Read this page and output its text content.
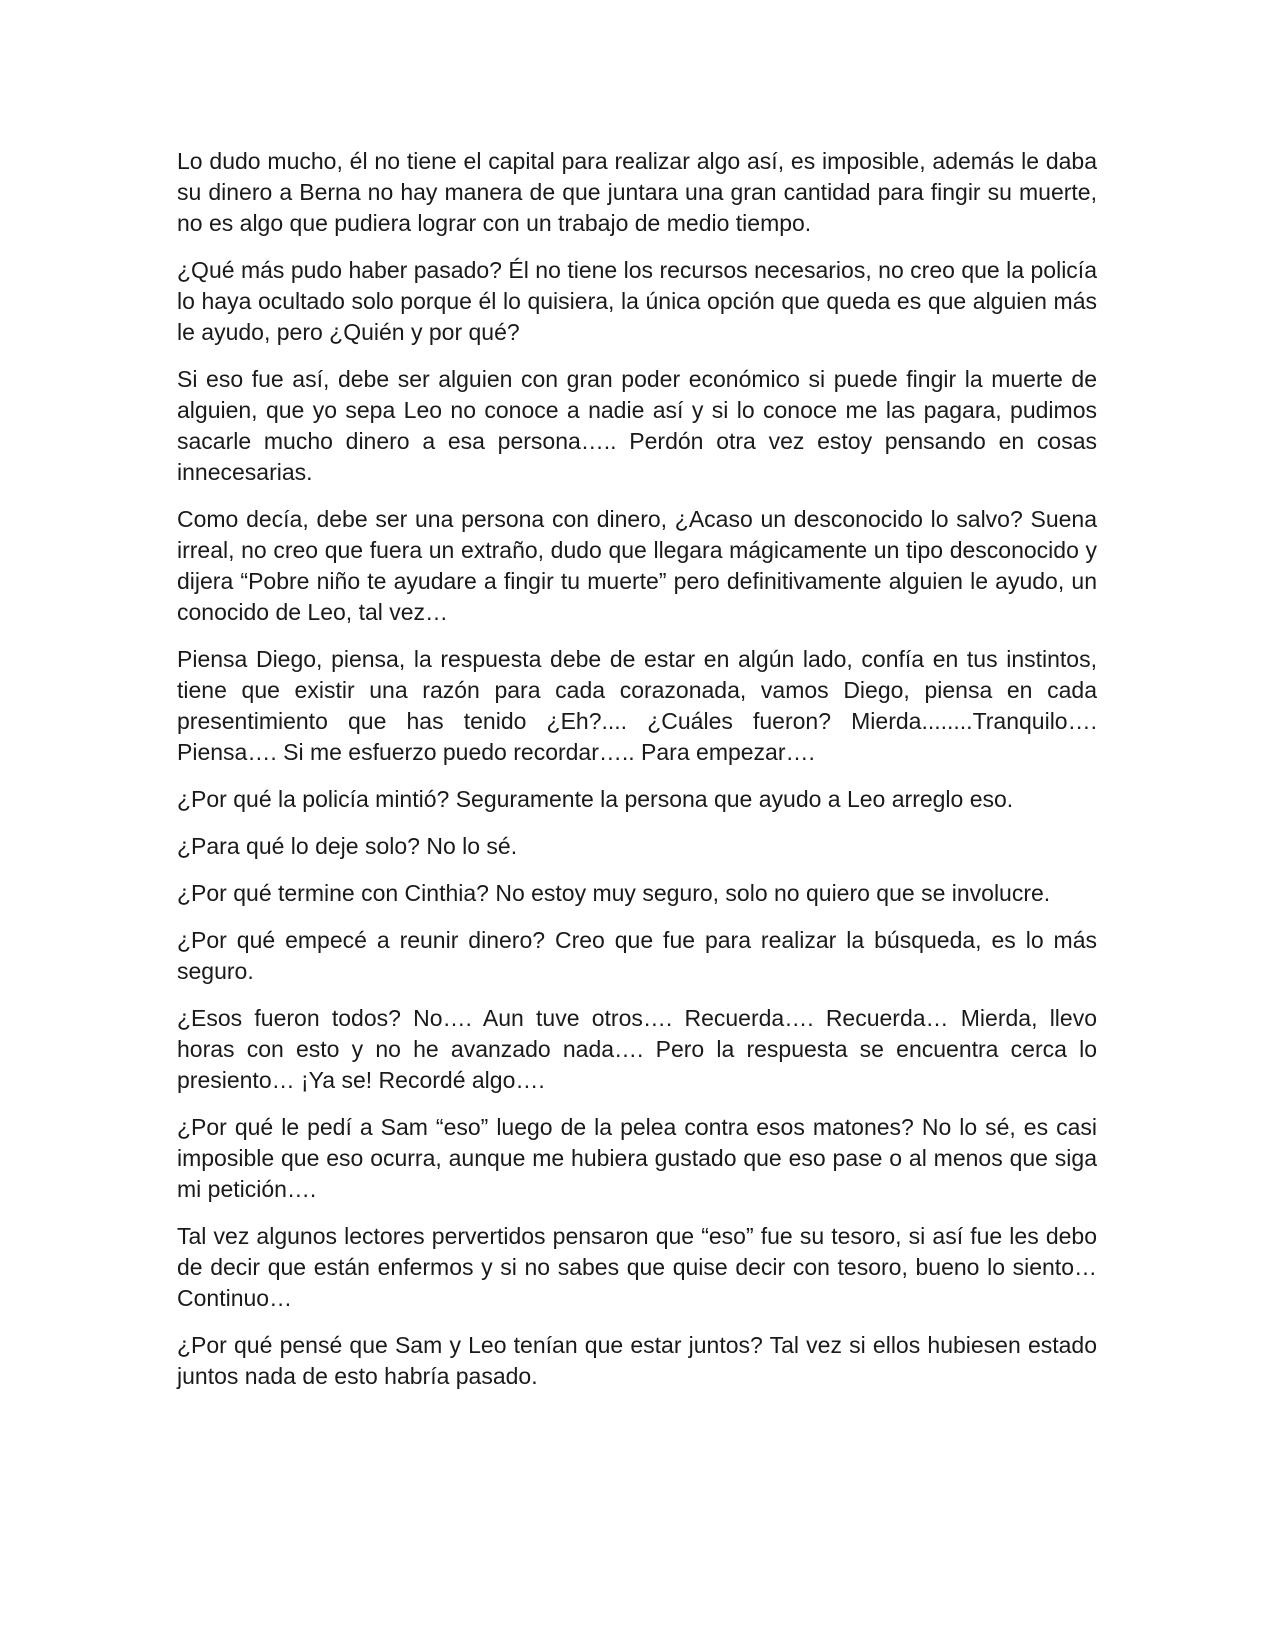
Lo dudo mucho, él no tiene el capital para realizar algo así, es imposible, además le daba su dinero a Berna no hay manera de que juntara una gran cantidad para fingir su muerte, no es algo que pudiera lograr con un trabajo de medio tiempo.

¿Qué más pudo haber pasado? Él no tiene los recursos necesarios, no creo que la policía lo haya ocultado solo porque él lo quisiera, la única opción que queda es que alguien más le ayudo, pero ¿Quién y por qué?

Si eso fue así, debe ser alguien con gran poder económico si puede fingir la muerte de alguien, que yo sepa Leo no conoce a nadie así y si lo conoce me las pagara, pudimos sacarle mucho dinero a esa persona….. Perdón otra vez estoy pensando en cosas innecesarias.

Como decía, debe ser una persona con dinero, ¿Acaso un desconocido lo salvo? Suena irreal, no creo que fuera un extraño, dudo que llegara mágicamente un tipo desconocido y dijera “Pobre niño te ayudare a fingir tu muerte” pero definitivamente alguien le ayudo, un conocido de Leo, tal vez…

Piensa Diego, piensa, la respuesta debe de estar en algún lado, confía en tus instintos, tiene que existir una razón para cada corazonada, vamos Diego, piensa en cada presentimiento que has tenido ¿Eh?.... ¿Cuáles fueron? Mierda........Tranquilo…. Piensa…. Si me esfuerzo puedo recordar….. Para empezar….

¿Por qué la policía mintió? Seguramente la persona que ayudo a Leo arreglo eso.

¿Para qué lo deje solo? No lo sé.

¿Por qué termine con Cinthia? No estoy muy seguro, solo no quiero que se involucre.

¿Por qué empecé a reunir dinero? Creo que fue para realizar la búsqueda, es lo más seguro.

¿Esos fueron todos? No…. Aun tuve otros…. Recuerda…. Recuerda… Mierda, llevo horas con esto y no he avanzado nada…. Pero la respuesta se encuentra cerca lo presiento… ¡Ya se! Recordé algo….

¿Por qué le pedí a Sam “eso” luego de la pelea contra esos matones? No lo sé, es casi imposible que eso ocurra, aunque me hubiera gustado que eso pase o al menos que siga mi petición….

Tal vez algunos lectores pervertidos pensaron que “eso” fue su tesoro, si así fue les debo de decir que están enfermos y si no sabes que quise decir con tesoro, bueno lo siento… Continuo…

¿Por qué pensé que Sam y Leo tenían que estar juntos? Tal vez si ellos hubiesen estado juntos nada de esto habría pasado.
